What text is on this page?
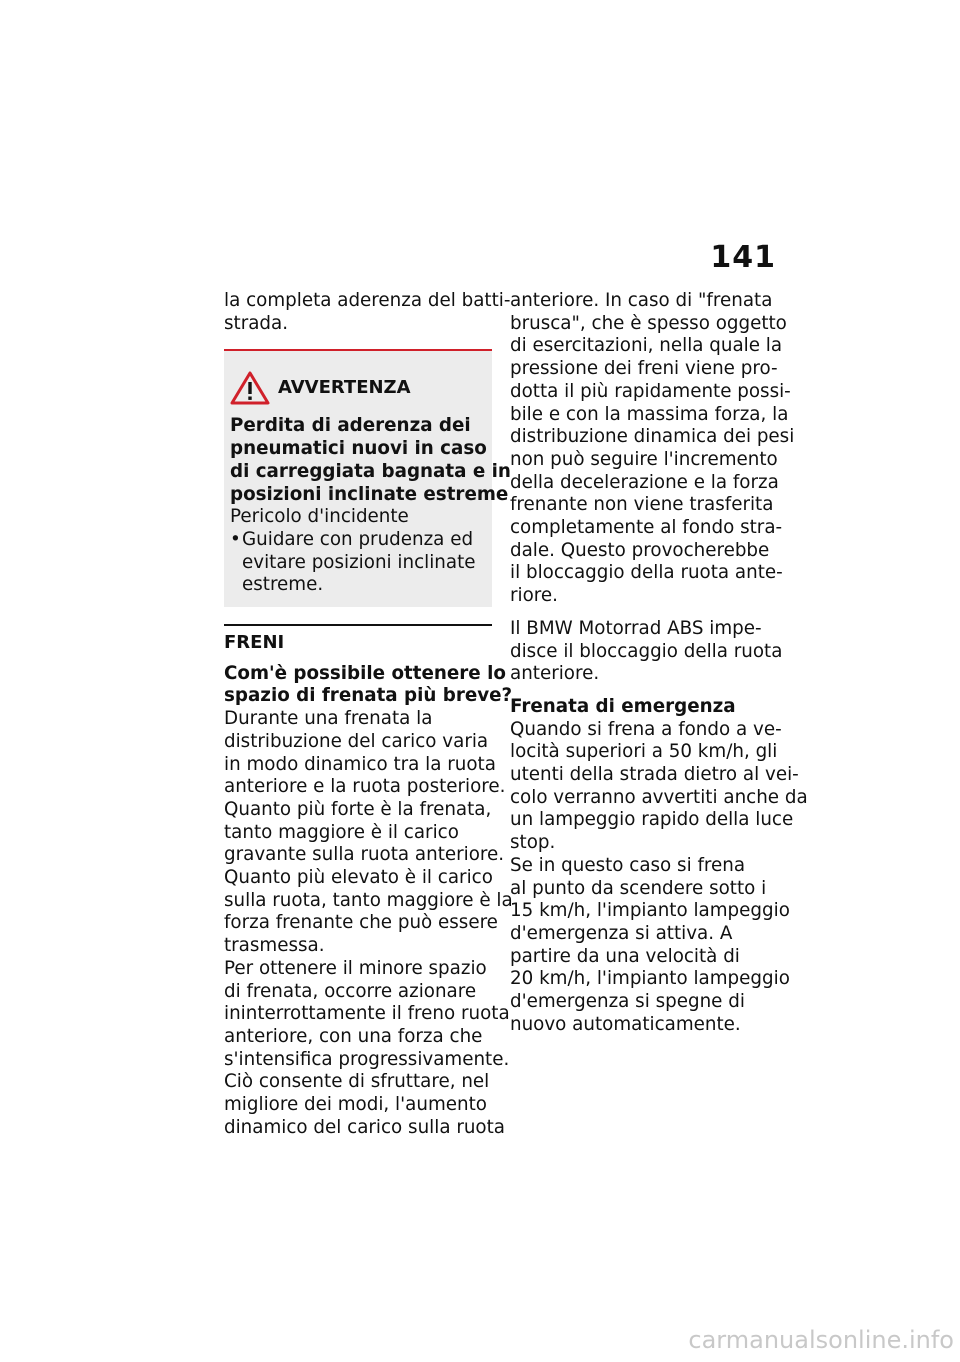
141
la completa aderenza del batti-
strada.
AVVERTENZA
Perdita di aderenza dei
pneumatici nuovi in caso
di carreggiata bagnata e in
posizioni inclinate estreme
Pericolo d'incidente
• Guidare con prudenza ed
evitare posizioni inclinate
estreme.
FRENI
Com'è possibile ottenere lo
spazio di frenata più breve?
Durante una frenata la
distribuzione del carico varia
in modo dinamico tra la ruota
anteriore e la ruota posteriore.
Quanto più forte è la frenata,
tanto maggiore è il carico
gravante sulla ruota anteriore.
Quanto più elevato è il carico
sulla ruota, tanto maggiore è la
forza frenante che può essere
trasmessa.
Per ottenere il minore spazio
di frenata, occorre azionare
ininterrottamente il freno ruota
anteriore, con una forza che
s'intensifica progressivamente.
Ciò consente di sfruttare, nel
migliore dei modi, l'aumento
dinamico del carico sulla ruota
anteriore. In caso di "frenata
brusca", che è spesso oggetto
di esercitazioni, nella quale la
pressione dei freni viene pro-
dotta il più rapidamente possi-
bile e con la massima forza, la
distribuzione dinamica dei pesi
non può seguire l'incremento
della decelerazione e la forza
frenante non viene trasferita
completamente al fondo stra-
dale. Questo provocherebbe
il bloccaggio della ruota ante-
riore.
Il BMW Motorrad ABS impe-
disce il bloccaggio della ruota
anteriore.
Frenata di emergenza
Quando si frena a fondo a ve-
locità superiori a 50 km/h, gli
utenti della strada dietro al vei-
colo verranno avvertiti anche da
un lampeggio rapido della luce
stop.
Se in questo caso si frena
al punto da scendere sotto i
15 km/h, l'impianto lampeggio
d'emergenza si attiva. A
partire da una velocità di
20 km/h, l'impianto lampeggio
d'emergenza si spegne di
nuovo automaticamente.
carmanualsonline.info
